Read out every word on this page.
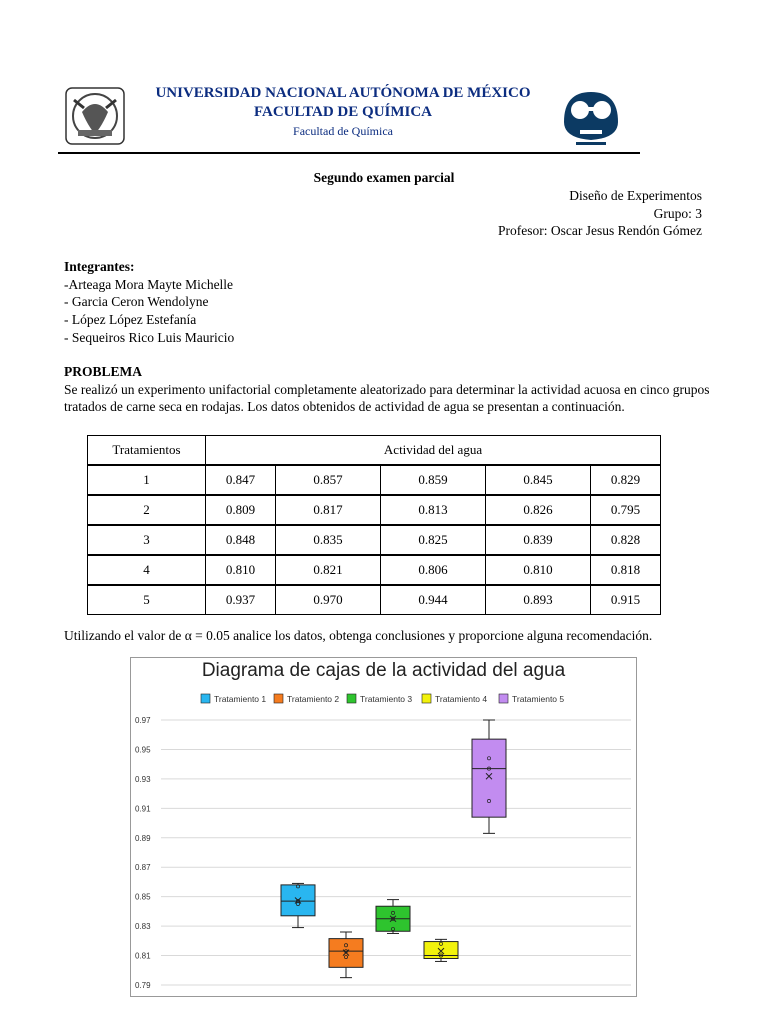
UNIVERSIDAD NACIONAL AUTÓNOMA DE MÉXICO
FACULTAD DE QUÍMICA
Facultad de Química
Segundo examen parcial
Diseño de Experimentos
Grupo: 3
Profesor: Oscar Jesus Rendón Gómez
Integrantes:
-Arteaga Mora Mayte Michelle
- Garcia Ceron Wendolyne
- López López Estefanía
- Sequeiros Rico Luis Mauricio
PROBLEMA
Se realizó un experimento unifactorial completamente aleatorizado para determinar la actividad acuosa en cinco grupos tratados de carne seca en rodajas. Los datos obtenidos de actividad de agua se presentan a continuación.
Tratamientos	Actividad del agua				
1	0.847	0.857	0.859	0.845	0.829
2	0.809	0.817	0.813	0.826	0.795
3	0.848	0.835	0.825	0.839	0.828
4	0.810	0.821	0.806	0.810	0.818
5	0.937	0.970	0.944	0.893	0.915
Utilizando el valor de α = 0.05 analice los datos, obtenga conclusiones y proporcione alguna recomendación.
0.79
0.81
0.83
0.85
0.87
0.89
0.91
0.93
0.95
0.97
Tratamiento 1 Tratamiento 2 Tratamiento 3	Tratamiento 4	Tratamiento 5
Diagrama de cajas de la actividad del agua
